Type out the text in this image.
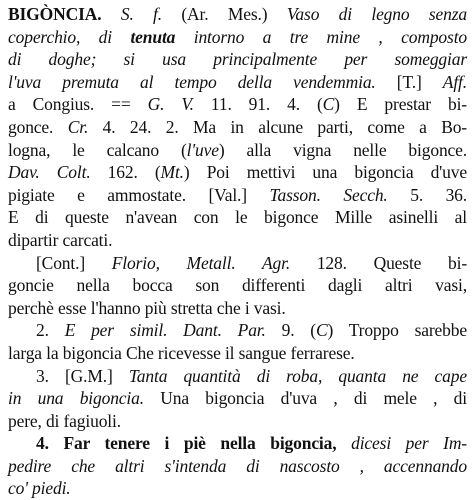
BIGÒNCIA. S. f. (Ar. Mes.) Vaso di legno senza
coperchio, di tenuta intorno a tre mine , composto
di doghe; si usa principalmente per someggiar
l'uva premuta al tempo della vendemmia. [T.] Aff.
a Congius. == G. V. 11. 91. 4. (C) E prestar bi-
gonce. Cr. 4. 24. 2. Ma in alcune parti, come a Bo-
logna, le calcano (l'uve) alla vigna nelle bigonce.
Dav. Colt. 162. (Mt.) Poi mettivi una bigoncia d'uve
pigiate e ammostate. [Val.] Tasson. Secch. 5. 36.
E di queste n'avean con le bigonce Mille asinelli al
dipartir carcati.
[Cont.] Florio, Metall. Agr. 128. Queste bi-
goncie nella bocca son differenti dagli altri vasi,
perchè esse l'hanno più stretta che i vasi.
2. E per simil. Dant. Par. 9. (C) Troppo sarebbe
larga la bigoncia Che ricevesse il sangue ferrarese.
3. [G.M.] Tanta quantità di roba, quanta ne cape
in una bigoncia. Una bigoncia d'uva , di mele , di
pere, di fagiuoli.
4. Far tenere i piè nella bigoncia, dicesi per Im-
pedire che altri s'intenda di nascosto , accennando
co' piedi.
